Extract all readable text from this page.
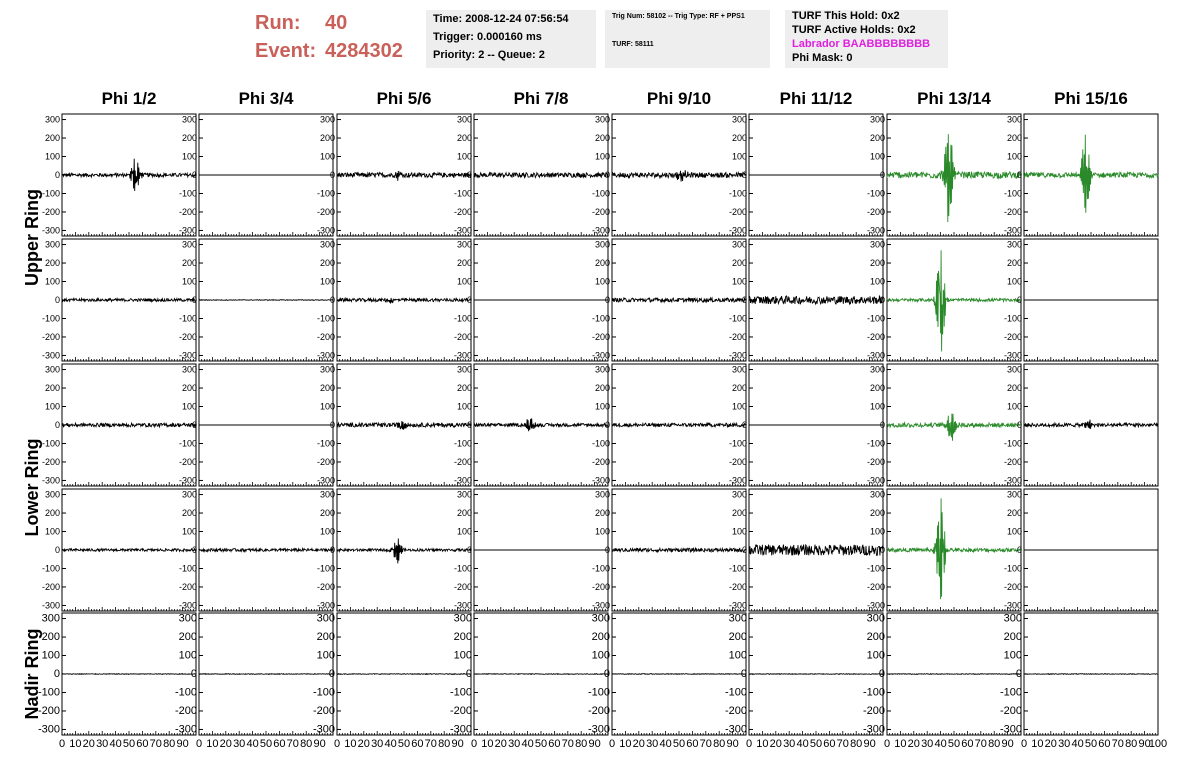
Run: 40
Event: 4284302
Time: 2008-12-24 07:56:54
Trigger: 0.000160 ms
Priority: 2 -- Queue: 2
Trig Num: 58102 -- Trig Type: RF + PPS1
TURF: 58111
TURF This Hold: 0x2
TURF Active Holds: 0x2
Labrador BAABBBBBBBB
Phi Mask: 0
Phi 1/2	Phi 3/4	Phi 5/6	Phi 7/8	Phi 9/10	Phi 11/12	Phi 13/14	Phi 15/16
Upper Ring
Lower Ring
Nadir Ring
-300
-200
-100
0
100
200
300
-300
-200
-100
0
100
200
300
-300
-200
-100
0
100
200
300
-300
-200
-100
0
100
200
300
-300
-200
-100
0
100
200
300
-300
-200
-100
0
100
200
300
-300
-200
-100
0
100
200
300
-300
-200
-100
0
100
200
300
-300
-200
-100
0
100
200
300
-300
-200
-100
0
100
200
300
-300
-200
-100
0
100
200
300
-300
-200
-100
0
100
200
300
-300
-200
-100
0
100
200
300
-300
-200
-100
0
100
200
300
-300
-200
-100
0
100
200
300
-300
-200
-100
0
100
200
300
-300
-200
-100
0
100
200
300
-300
-200
-100
0
100
200
300
-300
-200
-100
0
100
200
300
-300
-200
-100
0
100
200
300
-300
-200
-100
0
100
200
300
-300
-200
-100
0
100
200
300
-300
-200
-100
0
100
200
300
-300
-200
-100
0
100
200
300
-300
-200
-100
0
100
200
300
-300
-200
-100
0
100
200
300
-300
-200
-100
0
100
200
300
-300
-200
-100
0
100
200
300
-300
-200
-100
0
100
200
300
-300
-200
-100
0
100
200
300
-300
-200
-100
0
100
200
300
-300
-200
-100
0
100
200
300
-300
-200
-100
0
100
200
300
-300
-200
-100
0
100
200
300
-300
-200
-100
0
100
200
300
-300
-200
-100
0
100
200
300
-300
-200
-100
0
100
200
300
-300
-200
-100
0
100
200
300
-300
-200
-100
0
100
200
300
-300
-200
-100
0
100
200
300
0 10 20 30 40 50 60 70 80 90 0 10 20 30 40 50 60 70 80 90 0 10 20 30 40 50 60 70 80 90 0 10 20 30 40 50 60 70 80 90 0 10 20 30 40 50 60 70 80 90 0 10 20 30 40 50 60 70 80 90 0 10 20 30 40 50 60 70 80 90 0 10 20 30 40 50 60 70 80 90
100
